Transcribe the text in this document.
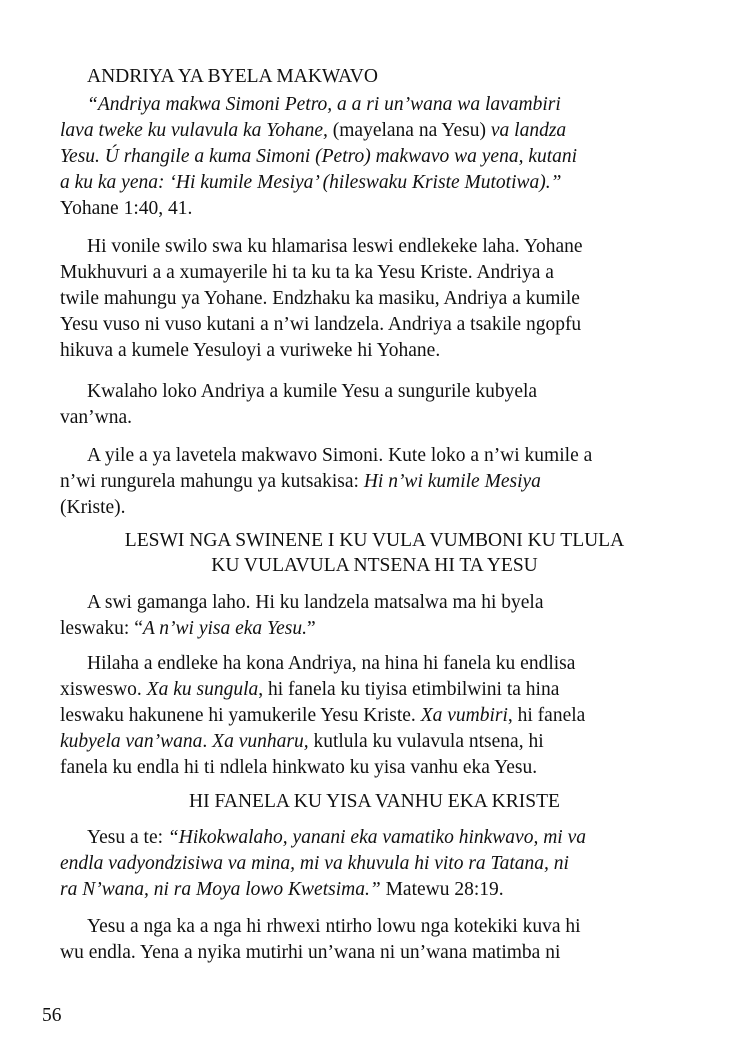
ANDRIYA YA BYELA MAKWAVO
“Andriya makwa Simoni Petro, a a ri un’wana wa lavambiri
lava tweke ku vulavula ka Yohane, (mayelana na Yesu) va landza
Yesu. Ú rhangile a kuma Simoni (Petro) makwavo wa yena, kutani
a ku ka yena: ‘Hi kumile Mesiya’ (hileswaku Kriste Mutotiwa).”
Yohane 1:40, 41.
Hi vonile swilo swa ku hlamarisa leswi endlekeke laha. Yohane
Mukhuvuri a a xumayerile hi ta ku ta ka Yesu Kriste. Andriya a
twile mahungu ya Yohane. Endzhaku ka masiku, Andriya a kumile
Yesu vuso ni vuso kutani a n’wi landzela. Andriya a tsakile ngopfu
hikuva a kumele Yesuloyi a vuriweke hi Yohane.
Kwalaho loko Andriya a kumile Yesu a sungurile kubyela
van’wna.
A yile a ya lavetela makwavo Simoni. Kute loko a n’wi kumile a
n’wi rungurela mahungu ya kutsakisa: Hi n’wi kumile Mesiya
(Kriste).
LESWI NGA SWINENE I KU VULA VUMBONI KU TLULA
KU VULAVULA NTSENA HI TA YESU
A swi gamanga laho. Hi ku landzela matsalwa ma hi byela
leswaku: “A n’wi yisa eka Yesu.”
Hilaha a endleke ha kona Andriya, na hina hi fanela ku endlisa
xisweswo. Xa ku sungula, hi fanela ku tiyisa etimbilwini ta hina
leswaku hakunene hi yamukerile Yesu Kriste. Xa vumbiri, hi fanela
kubyela van’wana. Xa vunharu, kutlula ku vulavula ntsena, hi
fanela ku endla hi ti ndlela hinkwato ku yisa vanhu eka Yesu.
HI FANELA KU YISA VANHU EKA KRISTE
Yesu a te: “Hikokwalaho, yanani eka vamatiko hinkwavo, mi va
endla vadyondzisiwa va mina, mi va khuvula hi vito ra Tatana, ni
ra N’wana, ni ra Moya lowo Kwetsima.” Matewu 28:19.
Yesu a nga ka a nga hi rhwexi ntirho lowu nga kotekiki kuva hi
wu endla. Yena a nyika mutirhi un’wana ni un’wana matimba ni
56
